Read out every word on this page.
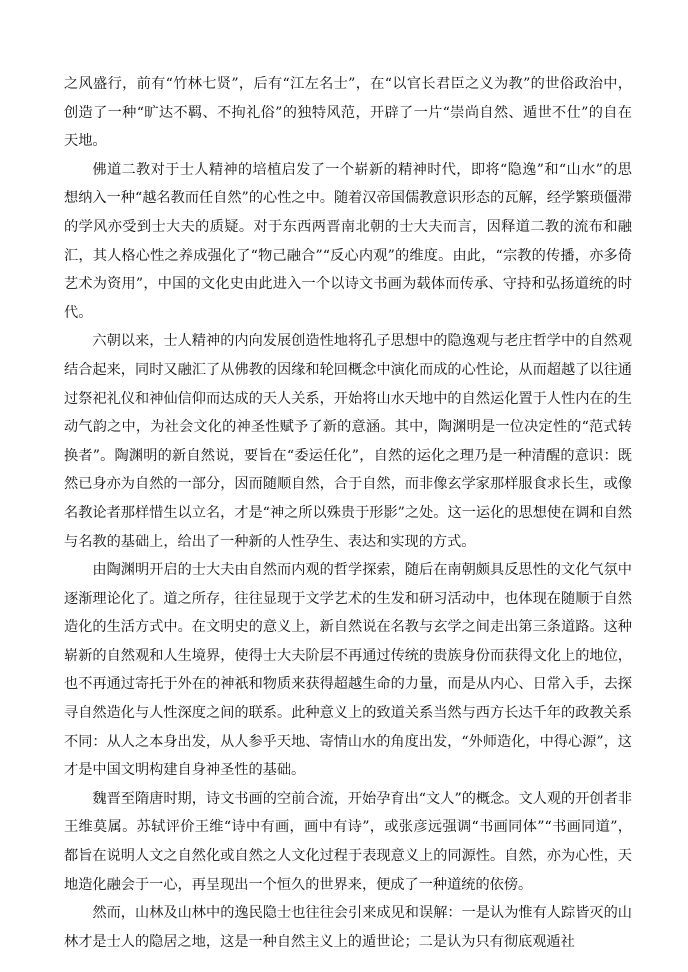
之风盛行，前有“竹林七贤”，后有“江左名士”，在“以官长君臣之义为教”的世俗政治中，创造了一种“旷达不羁、不拘礼俗”的独特风范，开辟了一片“崇尚自然、遁世不仕”的自在天地。

佛道二教对于士人精神的培植启发了一个崭新的精神时代，即将“隐逸”和“山水”的思想纳入一种“越名教而任自然”的心性之中。随着汉帝国儒教意识形态的瓦解，经学繁琐僵滞的学风亦受到士大夫的质疑。对于东西两晋南北朝的士大夫而言，因释道二教的流布和融汇，其人格心性之养成强化了“物己融合”“反心内观”的维度。由此，“宗教的传播，亦多倚艺术为资用”，中国的文化史由此进入一个以诗文书画为载体而传承、守持和弘扬道统的时代。

六朝以来，士人精神的内向发展创造性地将孔子思想中的隐逸观与老庄哲学中的自然观结合起来，同时又融汇了从佛教的因缘和轮回概念中演化而成的心性论，从而超越了以往通过祭祀礼仪和神仙信仰而达成的天人关系，开始将山水天地中的自然运化置于人性内在的生动气韵之中，为社会文化的神圣性赋予了新的意涵。其中，陶渊明是一位决定性的“范式转换者”。陶渊明的新自然说，要旨在“委运任化”，自然的运化之理乃是一种清醒的意识：既然已身亦为自然的一部分，因而随顺自然，合于自然，而非像玄学家那样服食求长生，或像名教论者那样惜生以立名，才是“神之所以殊贵于形影”之处。这一运化的思想使在调和自然与名教的基础上，给出了一种新的人性孕生、表达和实现的方式。

由陶渊明开启的士大夫由自然而内观的哲学探索，随后在南朝颇具反思性的文化气氛中逐渐理论化了。道之所存，往往显现于文学艺术的生发和研习活动中，也体现在随顺于自然造化的生活方式中。在文明史的意义上，新自然说在名教与玄学之间走出第三条道路。这种崭新的自然观和人生境界，使得士大夫阶层不再通过传统的贵族身份而获得文化上的地位，也不再通过寄托于外在的神祇和物质来获得超越生命的力量，而是从内心、日常入手，去探寻自然造化与人性深度之间的联系。此种意义上的致道关系当然与西方长达千年的政教关系不同：从人之本身出发，从人参乎天地、寄情山水的角度出发，“外师造化，中得心源”，这才是中国文明构建自身神圣性的基础。

魏晋至隋唐时期，诗文书画的空前合流，开始孕育出“文人”的概念。文人观的开创者非王维莫属。苏轼评价王维“诗中有画，画中有诗”，或张彦远强调“书画同体”“书画同道”，都旨在说明人文之自然化或自然之人文化过程于表现意义上的同源性。自然，亦为心性，天地造化融会于一心，再呈现出一个恒久的世界来，便成了一种道统的依傍。

然而，山林及山林中的逸民隐士也往往会引来成见和误解：一是认为惟有人踪皆灭的山林才是士人的隐居之地，这是一种自然主义上的遁世论；二是认为只有彻底观遁社
